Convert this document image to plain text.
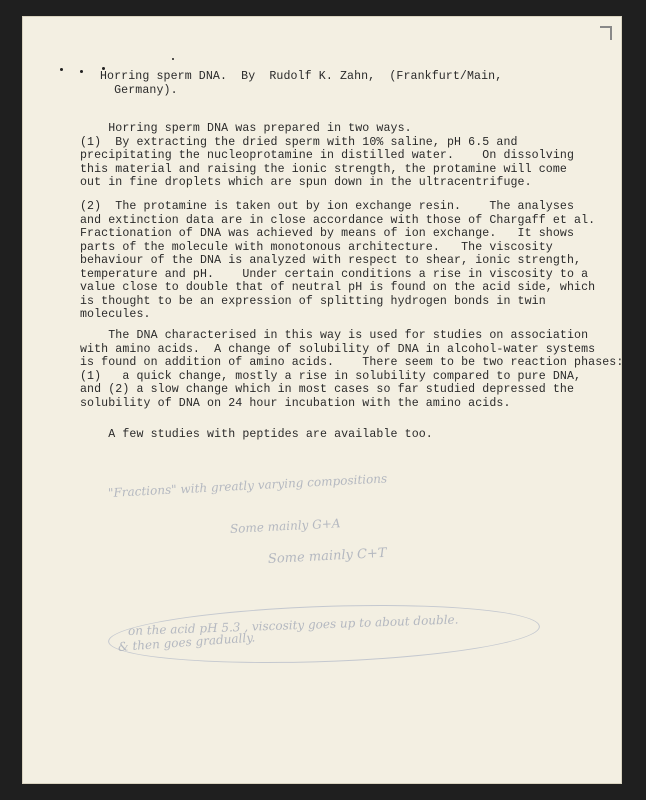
Horring sperm DNA.  By  Rudolf K. Zahn,  (Frankfurt/Main,
Germany).
Horring sperm DNA was prepared in two ways.
(1)  By extracting the dried sperm with 10% saline, pH 6.5 and
precipitating the nucleoprotamine in distilled water.    On dissolving
this material and raising the ionic strength, the protamine will come
out in fine droplets which are spun down in the ultracentrifuge.
(2)  The protamine is taken out by ion exchange resin.    The analyses
and extinction data are in close accordance with those of Chargaff et al.
Fractionation of DNA was achieved by means of ion exchange.   It shows
parts of the molecule with monotonous architecture.   The viscosity
behaviour of the DNA is analyzed with respect to shear, ionic strength,
temperature and pH.    Under certain conditions a rise in viscosity to a
value close to double that of neutral pH is found on the acid side, which
is thought to be an expression of splitting hydrogen bonds in twin
molecules.
The DNA characterised in this way is used for studies on association
with amino acids.  A change of solubility of DNA in alcohol-water systems
is found on addition of amino acids.    There seem to be two reaction phases:
(1)   a quick change, mostly a rise in solubility compared to pure DNA,
and (2) a slow change which in most cases so far studied depressed the
solubility of DNA on 24 hour incubation with the amino acids.
A few studies with peptides are available too.
"Fractions" with greatly varying compositions
Some mainly G+A
Some mainly C+T
on the acid pH 5.3 , viscosity goes up to about double.
& then goes gradually.
